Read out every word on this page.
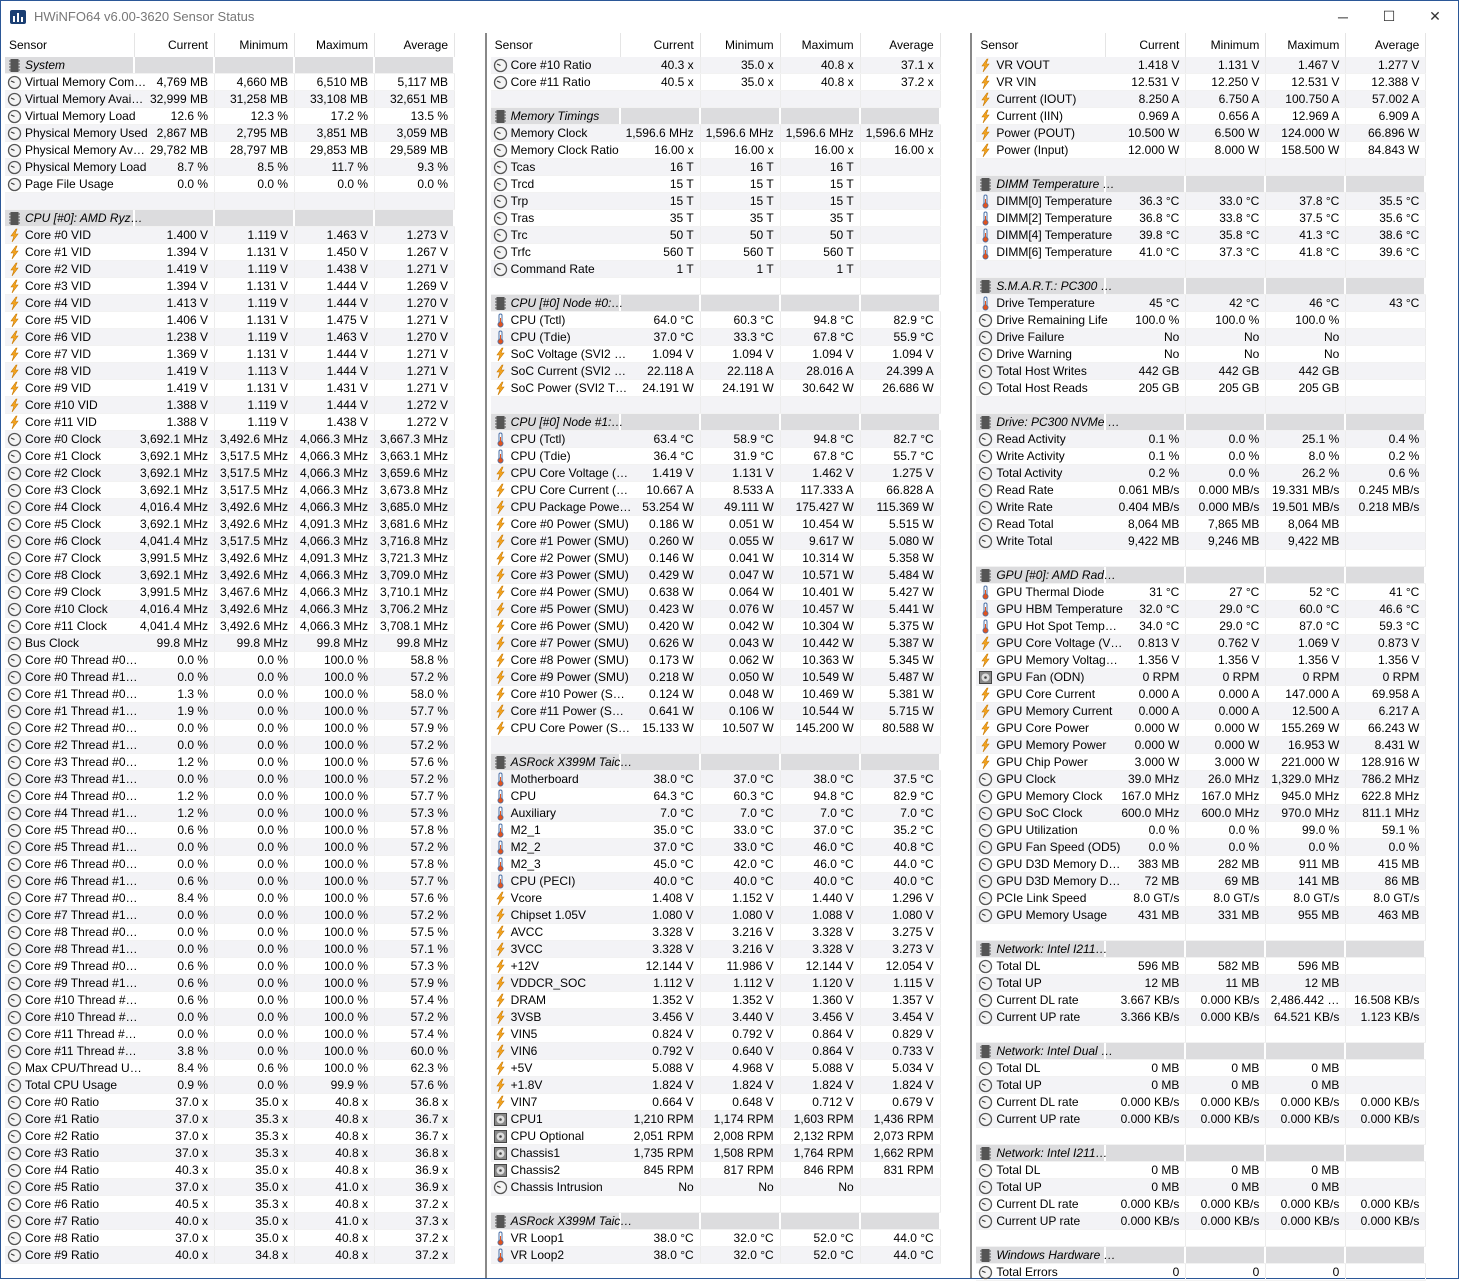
HWiNFO64 v6.00-3620 Sensor Status	─	☐	✕
Sensor	Current	Minimum	Maximum	Average
System
Virtual Memory Com… 4,769 MB	4,660 MB	6,510 MB	5,117 MB
Virtual Memory Avai… 32,999 MB	31,258 MB	33,108 MB	32,651 MB
Virtual Memory Load	12.6 %	12.3 %	17.2 %	13.5 %
Physical Memory Used 2,867 MB	2,795 MB	3,851 MB	3,059 MB
Physical Memory Av… 29,782 MB	28,797 MB	29,853 MB	29,589 MB
Physical Memory Load	8.7 %	8.5 %	11.7 %	9.3 %
Page File Usage	0.0 %	0.0 %	0.0 %	0.0 %
CPU [#0]: AMD Ryz…
Core #0 VID	1.400 V	1.119 V	1.463 V	1.273 V
Core #1 VID	1.394 V	1.131 V	1.450 V	1.267 V
Core #2 VID	1.419 V	1.119 V	1.438 V	1.271 V
Core #3 VID	1.394 V	1.131 V	1.444 V	1.269 V
Core #4 VID	1.413 V	1.119 V	1.444 V	1.270 V
Core #5 VID	1.406 V	1.131 V	1.475 V	1.271 V
Core #6 VID	1.238 V	1.119 V	1.463 V	1.270 V
Core #7 VID	1.369 V	1.131 V	1.444 V	1.271 V
Core #8 VID	1.419 V	1.113 V	1.444 V	1.271 V
Core #9 VID	1.419 V	1.131 V	1.431 V	1.271 V
Core #10 VID	1.388 V	1.119 V	1.444 V	1.272 V
Core #11 VID	1.388 V	1.119 V	1.438 V	1.272 V
Core #0 Clock	3,692.1 MHz 3,492.6 MHz 4,066.3 MHz 3,667.3 MHz
Core #1 Clock	3,692.1 MHz 3,517.5 MHz 4,066.3 MHz 3,663.1 MHz
Core #2 Clock	3,692.1 MHz 3,517.5 MHz 4,066.3 MHz 3,659.6 MHz
Core #3 Clock	3,692.1 MHz 3,517.5 MHz 4,066.3 MHz 3,673.8 MHz
Core #4 Clock	4,016.4 MHz 3,492.6 MHz 4,066.3 MHz 3,685.0 MHz
Core #5 Clock	3,692.1 MHz 3,492.6 MHz 4,091.3 MHz 3,681.6 MHz
Core #6 Clock	4,041.4 MHz 3,517.5 MHz 4,066.3 MHz 3,716.8 MHz
Core #7 Clock	3,991.5 MHz 3,492.6 MHz 4,091.3 MHz 3,721.3 MHz
Core #8 Clock	3,692.1 MHz 3,492.6 MHz 4,066.3 MHz 3,709.0 MHz
Core #9 Clock	3,991.5 MHz 3,467.6 MHz 4,066.3 MHz 3,710.1 MHz
Core #10 Clock	4,016.4 MHz 3,492.6 MHz 4,066.3 MHz 3,706.2 MHz
Core #11 Clock	4,041.4 MHz 3,492.6 MHz 4,066.3 MHz 3,708.1 MHz
Bus Clock	99.8 MHz	99.8 MHz	99.8 MHz	99.8 MHz
Core #0 Thread #0…	0.0 %	0.0 %	100.0 %	58.8 %
Core #0 Thread #1…	0.0 %	0.0 %	100.0 %	57.2 %
Core #1 Thread #0…	1.3 %	0.0 %	100.0 %	58.0 %
Core #1 Thread #1…	1.9 %	0.0 %	100.0 %	57.7 %
Core #2 Thread #0…	0.0 %	0.0 %	100.0 %	57.9 %
Core #2 Thread #1…	0.0 %	0.0 %	100.0 %	57.2 %
Core #3 Thread #0…	1.2 %	0.0 %	100.0 %	57.6 %
Core #3 Thread #1…	0.0 %	0.0 %	100.0 %	57.2 %
Core #4 Thread #0…	1.2 %	0.0 %	100.0 %	57.7 %
Core #4 Thread #1…	1.2 %	0.0 %	100.0 %	57.3 %
Core #5 Thread #0…	0.6 %	0.0 %	100.0 %	57.8 %
Core #5 Thread #1…	0.0 %	0.0 %	100.0 %	57.2 %
Core #6 Thread #0…	0.0 %	0.0 %	100.0 %	57.8 %
Core #6 Thread #1…	0.6 %	0.0 %	100.0 %	57.7 %
Core #7 Thread #0…	8.4 %	0.0 %	100.0 %	57.6 %
Core #7 Thread #1…	0.0 %	0.0 %	100.0 %	57.2 %
Core #8 Thread #0…	0.0 %	0.0 %	100.0 %	57.5 %
Core #8 Thread #1…	0.0 %	0.0 %	100.0 %	57.1 %
Core #9 Thread #0…	0.6 %	0.0 %	100.0 %	57.3 %
Core #9 Thread #1…	0.6 %	0.0 %	100.0 %	57.9 %
Core #10 Thread #…	0.6 %	0.0 %	100.0 %	57.4 %
Core #10 Thread #…	0.0 %	0.0 %	100.0 %	57.2 %
Core #11 Thread #…	0.0 %	0.0 %	100.0 %	57.4 %
Core #11 Thread #…	3.8 %	0.0 %	100.0 %	60.0 %
Max CPU/Thread U…	8.4 %	0.6 %	100.0 %	62.3 %
Total CPU Usage	0.9 %	0.0 %	99.9 %	57.6 %
Core #0 Ratio	37.0 x	35.0 x	40.8 x	36.8 x
Core #1 Ratio	37.0 x	35.3 x	40.8 x	36.7 x
Core #2 Ratio	37.0 x	35.3 x	40.8 x	36.7 x
Core #3 Ratio	37.0 x	35.3 x	40.8 x	36.8 x
Core #4 Ratio	40.3 x	35.0 x	40.8 x	36.9 x
Core #5 Ratio	37.0 x	35.0 x	41.0 x	36.9 x
Core #6 Ratio	40.5 x	35.3 x	40.8 x	37.2 x
Core #7 Ratio	40.0 x	35.0 x	41.0 x	37.3 x
Core #8 Ratio	37.0 x	35.0 x	40.8 x	37.2 x
Core #9 Ratio	40.0 x	34.8 x	40.8 x	37.2 x
Sensor	Current	Minimum	Maximum	Average
Core #10 Ratio	40.3 x	35.0 x	40.8 x	37.1 x
Core #11 Ratio	40.5 x	35.0 x	40.8 x	37.2 x
Memory Timings
Memory Clock	1,596.6 MHz 1,596.6 MHz 1,596.6 MHz 1,596.6 MHz
Memory Clock Ratio	16.00 x	16.00 x	16.00 x	16.00 x
Tcas	16 T	16 T	16 T
Trcd	15 T	15 T	15 T
Trp	15 T	15 T	15 T
Tras	35 T	35 T	35 T
Trc	50 T	50 T	50 T
Trfc	560 T	560 T	560 T
Command Rate	1 T	1 T	1 T
CPU [#0] Node #0:…
CPU (Tctl)	64.0 °C	60.3 °C	94.8 °C	82.9 °C
CPU (Tdie)	37.0 °C	33.3 °C	67.8 °C	55.9 °C
SoC Voltage (SVI2 …	1.094 V	1.094 V	1.094 V	1.094 V
SoC Current (SVI2 …	22.118 A	22.118 A	28.016 A	24.399 A
SoC Power (SVI2 T…	24.191 W	24.191 W	30.642 W	26.686 W
CPU [#0] Node #1:…
CPU (Tctl)	63.4 °C	58.9 °C	94.8 °C	82.7 °C
CPU (Tdie)	36.4 °C	31.9 °C	67.8 °C	55.7 °C
CPU Core Voltage (…	1.419 V	1.131 V	1.462 V	1.275 V
CPU Core Current (…	10.667 A	8.533 A	117.333 A	66.828 A
CPU Package Powe… 53.254 W	49.111 W	175.427 W	115.369 W
Core #0 Power (SMU)	0.186 W	0.051 W	10.454 W	5.515 W
Core #1 Power (SMU)	0.260 W	0.055 W	9.617 W	5.080 W
Core #2 Power (SMU)	0.146 W	0.041 W	10.314 W	5.358 W
Core #3 Power (SMU)	0.429 W	0.047 W	10.571 W	5.484 W
Core #4 Power (SMU)	0.638 W	0.064 W	10.401 W	5.427 W
Core #5 Power (SMU)	0.423 W	0.076 W	10.457 W	5.441 W
Core #6 Power (SMU)	0.420 W	0.042 W	10.304 W	5.375 W
Core #7 Power (SMU)	0.626 W	0.043 W	10.442 W	5.387 W
Core #8 Power (SMU)	0.173 W	0.062 W	10.363 W	5.345 W
Core #9 Power (SMU)	0.218 W	0.050 W	10.549 W	5.487 W
Core #10 Power (S…	0.124 W	0.048 W	10.469 W	5.381 W
Core #11 Power (S…	0.641 W	0.106 W	10.544 W	5.715 W
CPU Core Power (S…	15.133 W	10.507 W	145.200 W	80.588 W
ASRock X399M Taic…
Motherboard	38.0 °C	37.0 °C	38.0 °C	37.5 °C
CPU	64.3 °C	60.3 °C	94.8 °C	82.9 °C
Auxiliary	7.0 °C	7.0 °C	7.0 °C	7.0 °C
M2_1	35.0 °C	33.0 °C	37.0 °C	35.2 °C
M2_2	37.0 °C	33.0 °C	46.0 °C	40.8 °C
M2_3	45.0 °C	42.0 °C	46.0 °C	44.0 °C
CPU (PECI)	40.0 °C	40.0 °C	40.0 °C	40.0 °C
Vcore	1.408 V	1.152 V	1.440 V	1.296 V
Chipset 1.05V	1.080 V	1.080 V	1.088 V	1.080 V
AVCC	3.328 V	3.216 V	3.328 V	3.275 V
3VCC	3.328 V	3.216 V	3.328 V	3.273 V
+12V	12.144 V	11.986 V	12.144 V	12.054 V
VDDCR_SOC	1.112 V	1.112 V	1.120 V	1.115 V
DRAM	1.352 V	1.352 V	1.360 V	1.357 V
3VSB	3.456 V	3.440 V	3.456 V	3.454 V
VIN5	0.824 V	0.792 V	0.864 V	0.829 V
VIN6	0.792 V	0.640 V	0.864 V	0.733 V
+5V	5.088 V	4.968 V	5.088 V	5.034 V
+1.8V	1.824 V	1.824 V	1.824 V	1.824 V
VIN7	0.664 V	0.648 V	0.712 V	0.679 V
CPU1	1,210 RPM	1,174 RPM	1,603 RPM	1,436 RPM
CPU Optional	2,051 RPM	2,008 RPM	2,132 RPM	2,073 RPM
Chassis1	1,735 RPM	1,508 RPM	1,764 RPM	1,662 RPM
Chassis2	845 RPM	817 RPM	846 RPM	831 RPM
Chassis Intrusion	No	No	No
ASRock X399M Taic…
VR Loop1	38.0 °C	32.0 °C	52.0 °C	44.0 °C
VR Loop2	38.0 °C	32.0 °C	52.0 °C	44.0 °C
Sensor	Current	Minimum	Maximum	Average
VR VOUT	1.418 V	1.131 V	1.467 V	1.277 V
VR VIN	12.531 V	12.250 V	12.531 V	12.388 V
Current (IOUT)	8.250 A	6.750 A	100.750 A	57.002 A
Current (IIN)	0.969 A	0.656 A	12.969 A	6.909 A
Power (POUT)	10.500 W	6.500 W	124.000 W	66.896 W
Power (Input)	12.000 W	8.000 W	158.500 W	84.843 W
DIMM Temperature …
DIMM[0] Temperature	36.3 °C	33.0 °C	37.8 °C	35.5 °C
DIMM[2] Temperature	36.8 °C	33.8 °C	37.5 °C	35.6 °C
DIMM[4] Temperature	39.8 °C	35.8 °C	41.3 °C	38.6 °C
DIMM[6] Temperature	41.0 °C	37.3 °C	41.8 °C	39.6 °C
S.M.A.R.T.: PC300 …
Drive Temperature	45 °C	42 °C	46 °C	43 °C
Drive Remaining Life	100.0 %	100.0 %	100.0 %
Drive Failure	No	No	No
Drive Warning	No	No	No
Total Host Writes	442 GB	442 GB	442 GB
Total Host Reads	205 GB	205 GB	205 GB
Drive: PC300 NVMe …
Read Activity	0.1 %	0.0 %	25.1 %	0.4 %
Write Activity	0.1 %	0.0 %	8.0 %	0.2 %
Total Activity	0.2 %	0.0 %	26.2 %	0.6 %
Read Rate	0.061 MB/s	0.000 MB/s	19.331 MB/s	0.245 MB/s
Write Rate	0.404 MB/s	0.000 MB/s	19.501 MB/s	0.218 MB/s
Read Total	8,064 MB	7,865 MB	8,064 MB
Write Total	9,422 MB	9,246 MB	9,422 MB
GPU [#0]: AMD Rad…
GPU Thermal Diode	31 °C	27 °C	52 °C	41 °C
GPU HBM Temperature	32.0 °C	29.0 °C	60.0 °C	46.6 °C
GPU Hot Spot Temp…	34.0 °C	29.0 °C	87.0 °C	59.3 °C
GPU Core Voltage (V…	0.813 V	0.762 V	1.069 V	0.873 V
GPU Memory Voltag…	1.356 V	1.356 V	1.356 V	1.356 V
GPU Fan (ODN)	0 RPM	0 RPM	0 RPM	0 RPM
GPU Core Current	0.000 A	0.000 A	147.000 A	69.958 A
GPU Memory Current	0.000 A	0.000 A	12.500 A	6.217 A
GPU Core Power	0.000 W	0.000 W	155.269 W	66.243 W
GPU Memory Power	0.000 W	0.000 W	16.953 W	8.431 W
GPU Chip Power	3.000 W	3.000 W	221.000 W	128.916 W
GPU Clock	39.0 MHz	26.0 MHz 1,329.0 MHz	786.2 MHz
GPU Memory Clock	167.0 MHz	167.0 MHz	945.0 MHz	622.8 MHz
GPU SoC Clock	600.0 MHz	600.0 MHz	970.0 MHz	811.1 MHz
GPU Utilization	0.0 %	0.0 %	99.0 %	59.1 %
GPU Fan Speed (OD5)	0.0 %	0.0 %	0.0 %	0.0 %
GPU D3D Memory D…	383 MB	282 MB	911 MB	415 MB
GPU D3D Memory D…	72 MB	69 MB	141 MB	86 MB
PCIe Link Speed	8.0 GT/s	8.0 GT/s	8.0 GT/s	8.0 GT/s
GPU Memory Usage	431 MB	331 MB	955 MB	463 MB
Network: Intel I211…
Total DL	596 MB	582 MB	596 MB
Total UP	12 MB	11 MB	12 MB
Current DL rate	3.667 KB/s	0.000 KB/s 2,486.442 …	16.508 KB/s
Current UP rate	3.366 KB/s	0.000 KB/s	64.521 KB/s	1.123 KB/s
Network: Intel Dual …
Total DL	0 MB	0 MB	0 MB
Total UP	0 MB	0 MB	0 MB
Current DL rate	0.000 KB/s	0.000 KB/s	0.000 KB/s	0.000 KB/s
Current UP rate	0.000 KB/s	0.000 KB/s	0.000 KB/s	0.000 KB/s
Network: Intel I211…
Total DL	0 MB	0 MB	0 MB
Total UP	0 MB	0 MB	0 MB
Current DL rate	0.000 KB/s	0.000 KB/s	0.000 KB/s	0.000 KB/s
Current UP rate	0.000 KB/s	0.000 KB/s	0.000 KB/s	0.000 KB/s
Windows Hardware …
Total Errors	0	0	0
